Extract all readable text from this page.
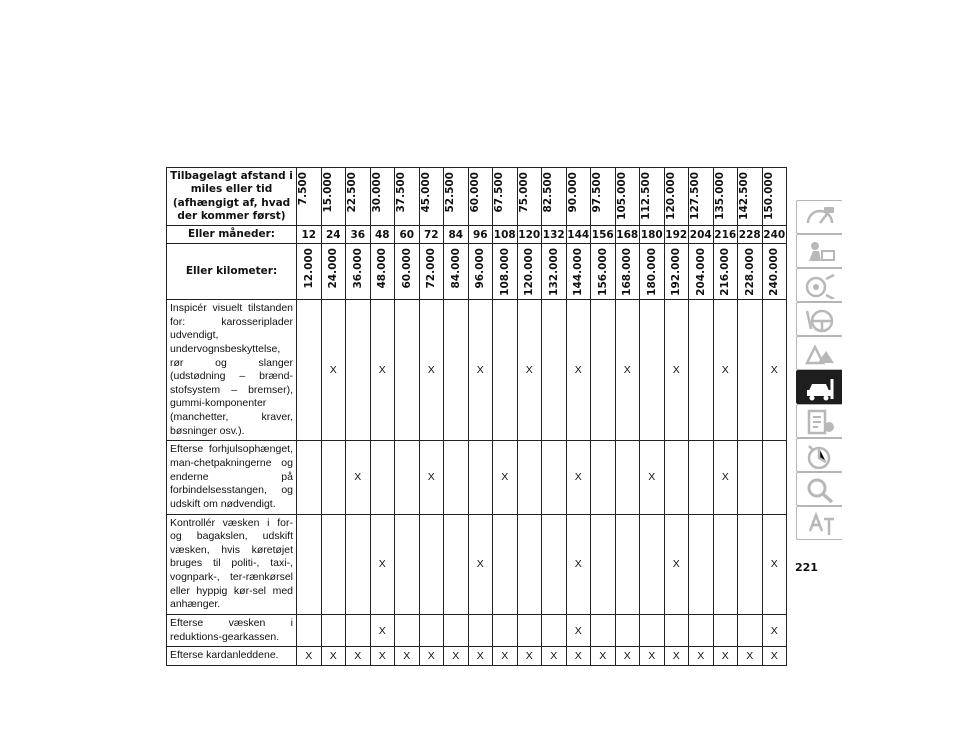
Tilbagelagt afstand i miles eller tid (afhængigt af, hvad der kommer først)	7.500	15.000	22.500	30.000	37.500	45.000	52.500	60.000	67.500	75.000	82.500	90.000	97.500	105.000	112.500	120.000	127.500	135.000	142.500	150.000
Eller måneder:	12	24	36	48	60	72	84	96	108	120	132	144	156	168	180	192	204	216	228	240
Eller kilometer:	12.000	24.000	36.000	48.000	60.000	72.000	84.000	96.000	108.000	120.000	132.000	144.000	156.000	168.000	180.000	192.000	204.000	216.000	228.000	240.000
Inspicér visuelt tilstanden for: karosseriplader udvendigt, undervognsbeskyttelse, rør og slanger (udstødning – brænd-stofsystem – bremser), gummi-komponenter (manchetter, kraver, bøsninger osv.).		X		X		X		X		X		X		X		X		X		X
Efterse forhjulsophænget, man-chetpakningerne og enderne på forbindelsesstangen, og udskift om nødvendigt.			X			X			X			X			X			X		
Kontrollér væsken i for- og bagakslen, udskift væsken, hvis køretøjet bruges til politi-, taxi-, vognpark-, ter-rænkørsel eller hyppig kør-sel med anhænger.				X				X				X				X				X
Efterse væsken i reduktions-gearkassen.				X								X								X
Efterse kardanleddene.	X	X	X	X	X	X	X	X	X	X	X	X	X	X	X	X	X	X	X	X
221
